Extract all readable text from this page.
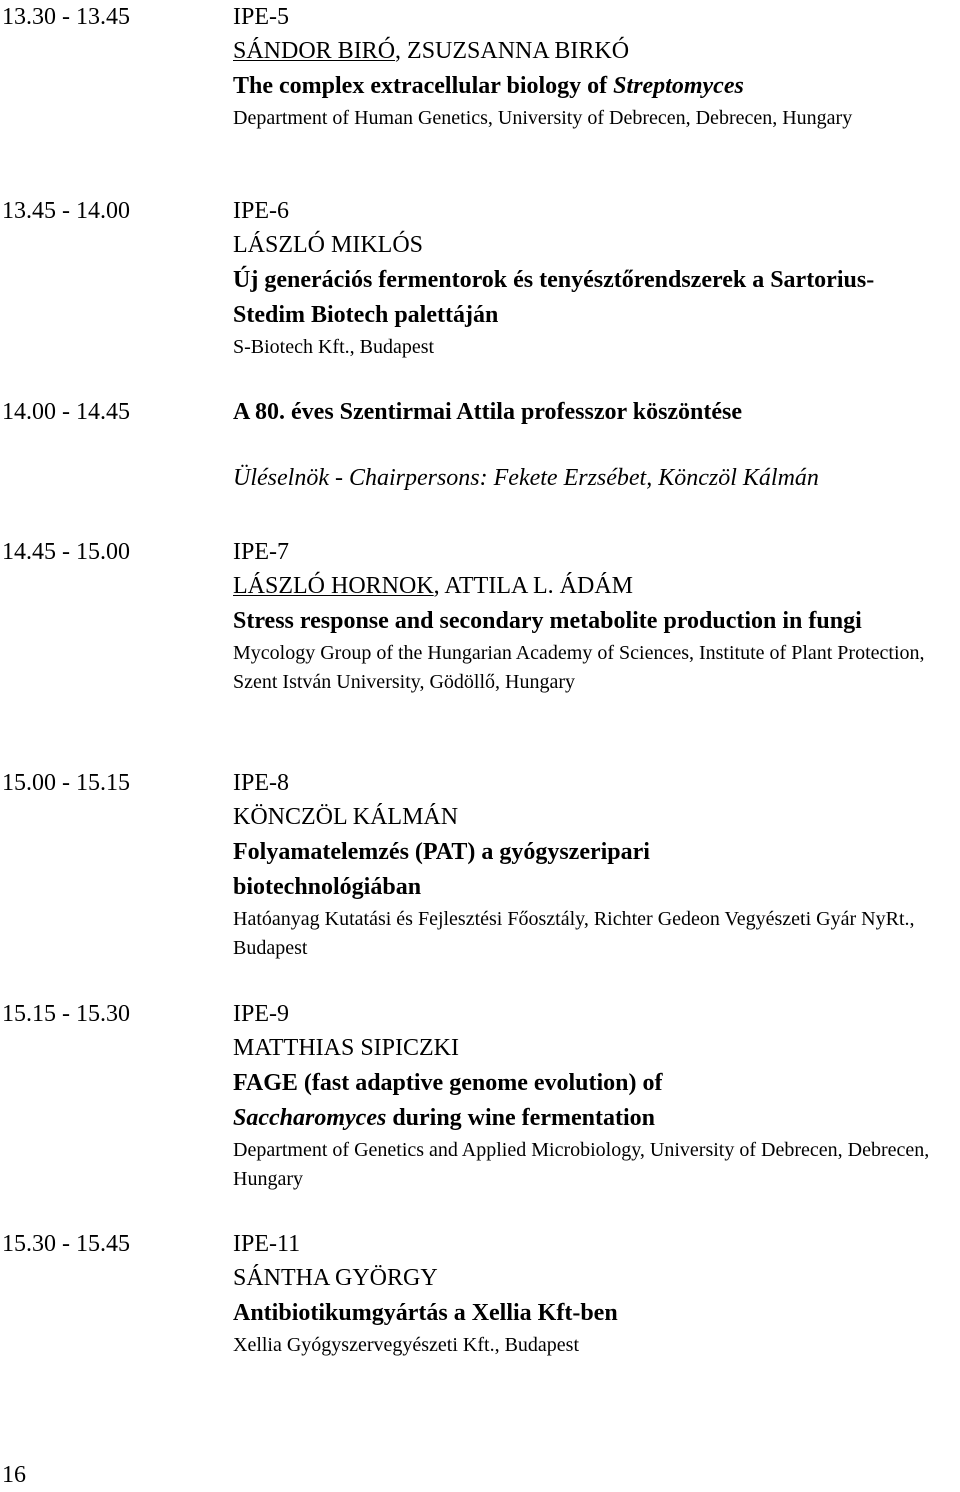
13.30 - 13.45	IPE-5
SÁNDOR BIRÓ, ZSUZSANNA BIRKÓ
The complex extracellular biology of Streptomyces
Department of Human Genetics, University of Debrecen, Debrecen, Hungary
13.45 - 14.00	IPE-6
LÁSZLÓ MIKLÓS
Új generációs fermentorok és tenyésztőrendszerek a Sartorius-Stedim Biotech palettáján
S-Biotech Kft., Budapest
14.00 - 14.45	A 80. éves Szentirmai Attila professzor köszöntése
Üléselnök - Chairpersons: Fekete Erzsébet, Könczöl Kálmán
14.45 - 15.00	IPE-7
LÁSZLÓ HORNOK, ATTILA L. ÁDÁM
Stress response and secondary metabolite production in fungi
Mycology Group of the Hungarian Academy of Sciences, Institute of Plant Protection, Szent István University, Gödöllő, Hungary
15.00 - 15.15	IPE-8
KÖNCZÖL KÁLMÁN
Folyamatelemzés (PAT) a gyógyszeripari biotechnológiában
Hatóanyag Kutatási és Fejlesztési Főosztály, Richter Gedeon Vegyészeti Gyár NyRt., Budapest
15.15 - 15.30	IPE-9
MATTHIAS SIPICZKI
FAGE (fast adaptive genome evolution) of Saccharomyces during wine fermentation
Department of Genetics and Applied Microbiology, University of Debrecen, Debrecen, Hungary
15.30 - 15.45	IPE-11
SÁNTHA GYÖRGY
Antibiotikumgyártás a Xellia Kft-ben
Xellia Gyógyszervegyészeti Kft., Budapest
16
